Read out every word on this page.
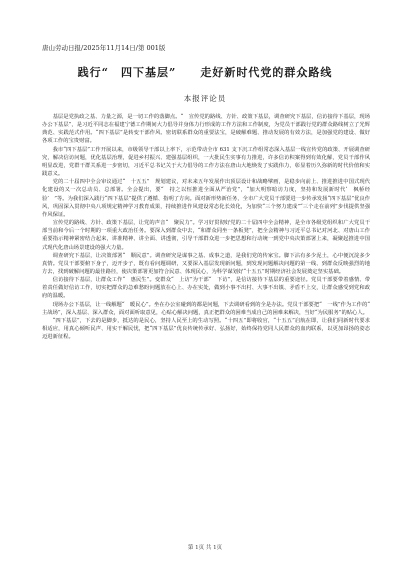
唐山劳动日报/2025年11月14日/第 001版
践行“　四下基层”　　走好新时代党的群众路线
本报评论员

基层是党执政之基、力量之源，是一切工作的落脚点。“　宣传党的路线、方针、政策下基层，调查研究下基层，信访接待下基层，现场办公下基层”，是习近平同志在福建宁德工作期间大力倡导并身体力行形成的工作方法和工作制度，为党员干部践行党的群众路线树立了光辉典范、实践范式作用。“四下基层”是转变干部作风、密切联系群众的重要法宝，是破解难题、推动发展的有效方法，是加强党的建设、做好各项工作的宝贵财富。

我市“四下基层”工作开展以来，市级领导干部以上率下，示范带动全市 631 支下沉工作组常态深入基层一线宣传党的政策、开展调查研究，解决信访问题，优化基层治理，促进乡村振兴、建强基层组织，一大批民生实事有力推进，许多信访积案得到有效化解，党员干部作风明显改进，党群干群关系进一步密切，习近平总书记关于大力倡导的工作方法在唐山大地焕发了实践伟力，彰显着历久弥新的时代价值和实践意义。

党的二十届四中全会审议通过“　十五五”　规划建议，对未来五年发展作出顶层设计和战略擘画，是稳步向前上、推进推进中国式现代化建设的又一次总动员、总部署。全会提出，要“　持之以恒推进全面从严治党”，“加大明察暗访力度，坚持和发展新时代‘　枫桥经验’　”等。为我们深入践行“四下基层”提供了遵循、指明了方向。面对新形势新任务，全市广大党员干部要进一步传承发扬“四下基层”优良作风，巩固深入贯彻中央八项规定精神学习教育成果，持续推进作风建设常态化长效化，为加快“三个努力建成”“三个走在前列”步伐提供坚强作风保证。

宣传党的路线、方针、政策下基层，让党的声音“　聚民力”。学习好贯彻好党的二十届四中全会精神，是全市各级党组织和广大党员干部当前和今后一个时期的一项重大政治任务。要深入到群众中去，“和群众同坐一条板凳”，把全会精神与习近平总书记对河北、对唐山工作重要指示精神紧密结合起来，讲准精神、讲全面、讲透彻，引导干部群众进一步把思想和行动统一到党中央决策部署上来，凝聚起推进中国式现代化唐山场景建设的强大力量。

调查研究下基层，让决策部署“　顺民意”。调查研究是谋事之基、成事之道，是我们党的传家宝。脚下沾有多少泥土，心中便沉淀多少真情。党员干部要俯下身子，迈开步子，既有看问题调研，又要深入基层发现新问题，到发现问题解决问题的第一线、到群众反映强烈的地方去，找到破解问题的最佳路径，使决策部署更加符合民意、体现民心，为科学谋划好“十五五”时期经济社会发展奠定坚实基础。

信访接待下基层，让群众工作“　惠民生”。变群众“　上访”为干部“　下访”，是信访接待下基层的重要途径。党员干部要带着感情、带着责任做好信访工作，切实把群众的急难愁盼问题放在心上、办在实处，做到小事不出村、大事不出镇、矛盾不上交，让群众感受到党和政府的温暖。

现场办公下基层，让一线解题“　暖民心”。坐在办公室碰到的都是问题，下去调研看到的全是办法。党员干部要把“　一线”作为工作的“　主战场”，深入基层、深入群众，面对面听取意见，心贴心解决问题，真正把群众的困难当成自己的困难来解决，当好“为民服务”的贴心人。

“四下基层”，下去的是脚步，抵达的是民心，坚持人民至上的生动写照。“十四五”即将收官，“十五五”启航在即，让我们同新时代要求相适应，用真心倾听民声、用实干解民忧，把“四下基层”优良传统传承好、弘扬好，始终保持党同人民群众的血肉联系，以更加昂扬的姿态迈进新征程。

第 1页 共 1页
